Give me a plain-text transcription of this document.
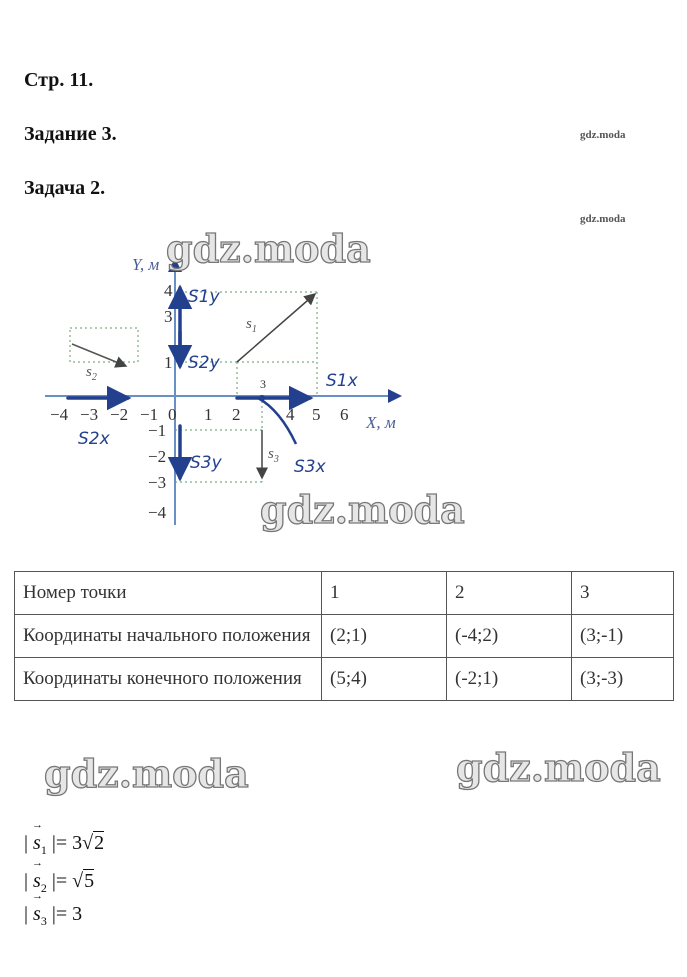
Стр. 11.
Задание 3.
Задача 2.
gdz.moda
gdz.moda
Y, м
X, м
−4 −3 −2 −1 0 1 2	4 5 6
4
3
1
−1
−2
−3
−4
$s_1$
$s_2$
$s_3$
3
S1y
S2y
S1x
S2x
S3y	S3x
gdz.moda
gdz.moda
Номер точки	1	2	3
Координаты начального положения	(2;1)	(-4;2)	(3;-1)
Координаты конечного положения	(5;4)	(-2;1)	(3;-3)
gdz.moda	gdz.moda
| → $s_1$ |= 3√2
| → $s_2$ |= √5
| → $s_3$ |= 3
